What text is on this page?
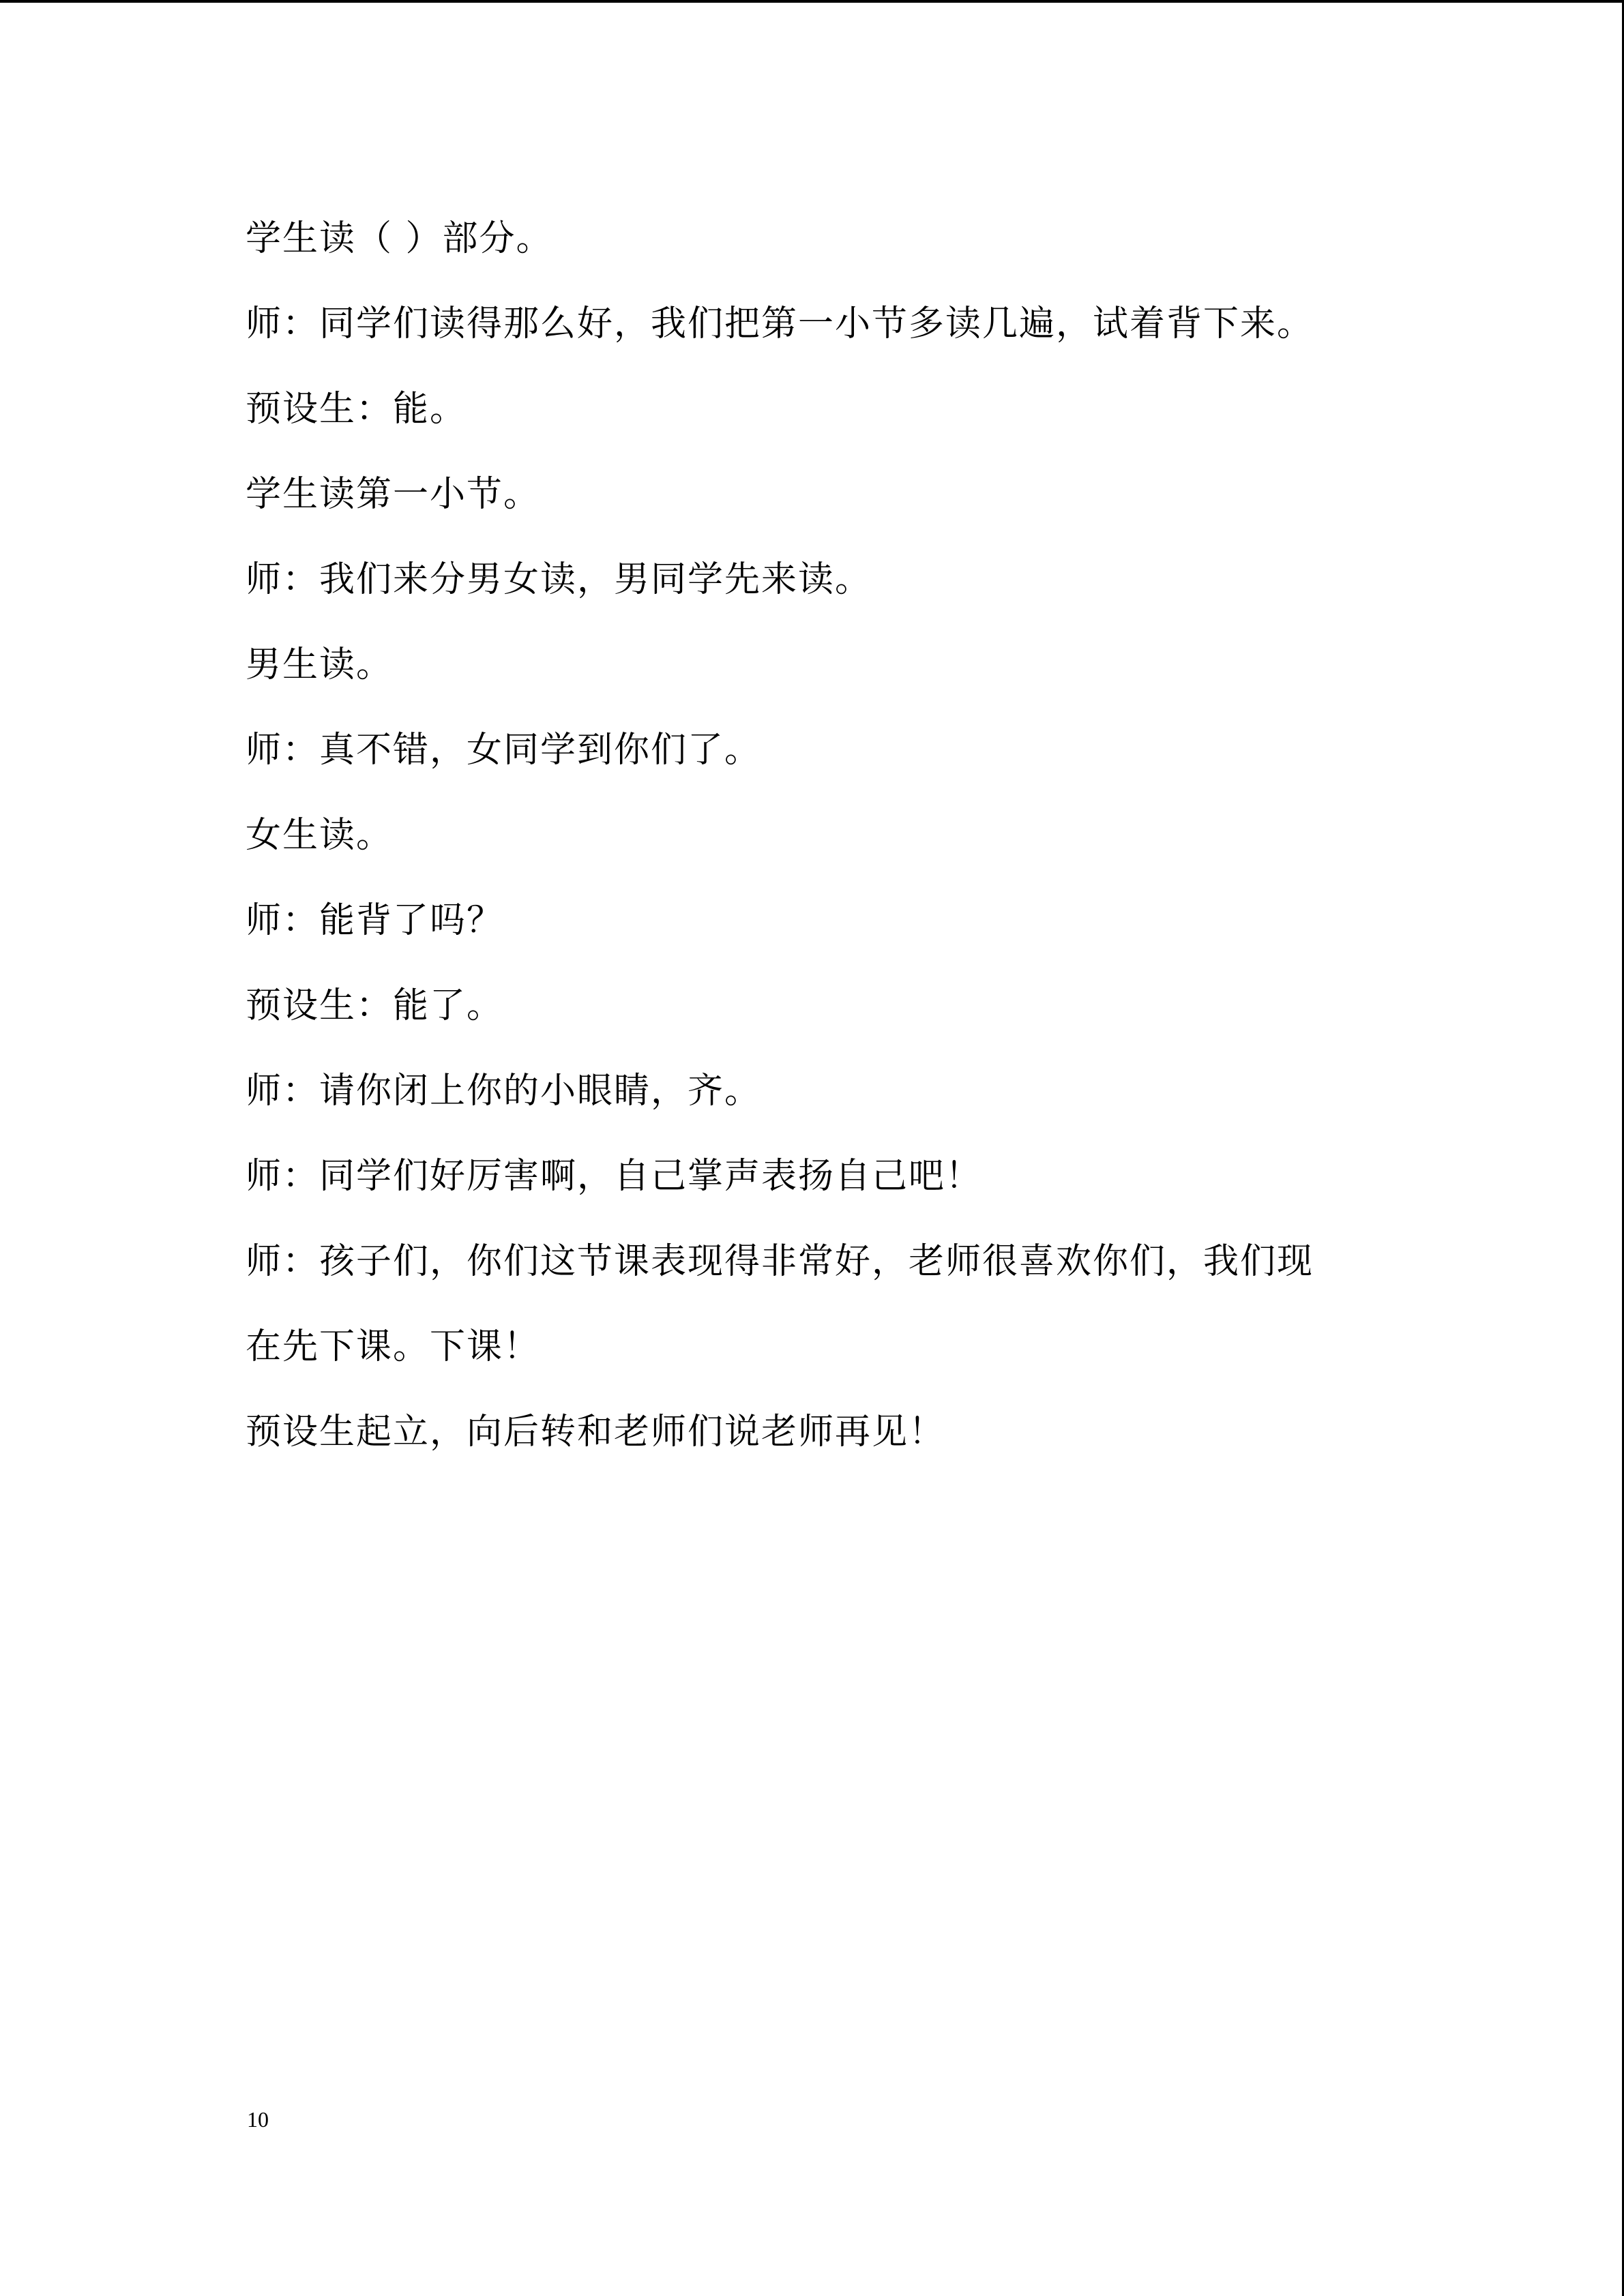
学生读（ ）部分。

师：同学们读得那么好，我们把第一小节多读几遍，试着背下来。

预设生：能。

学生读第一小节。

师：我们来分男女读，男同学先来读。

男生读。

师：真不错，女同学到你们了。

女生读。

师：能背了吗？

预设生：能了。

师：请你闭上你的小眼睛，齐。

师：同学们好厉害啊，自己掌声表扬自己吧！

师：孩子们，你们这节课表现得非常好，老师很喜欢你们，我们现

在先下课。下课！

预设生起立，向后转和老师们说老师再见！

10
